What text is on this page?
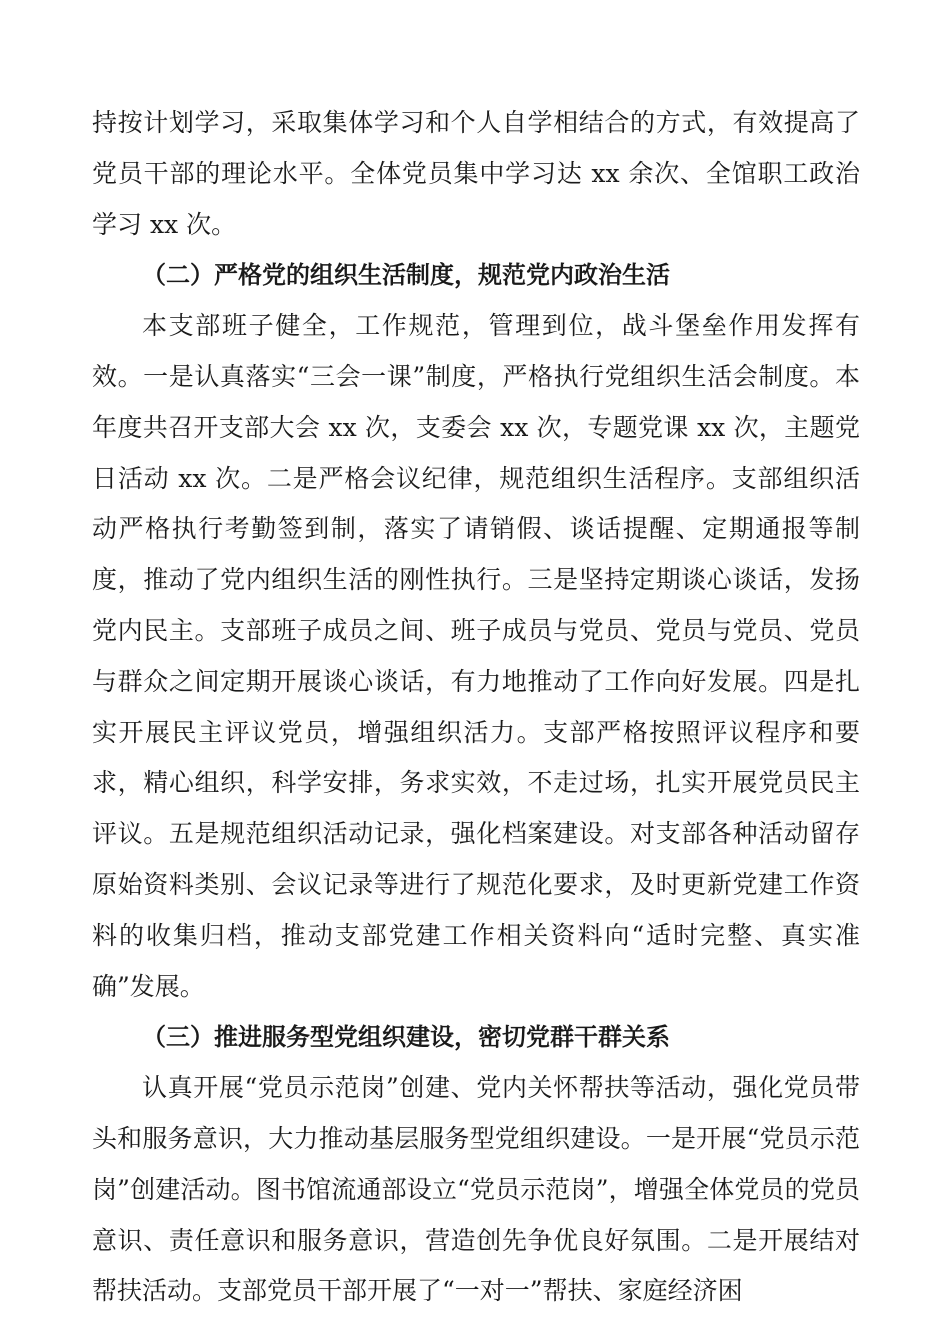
持按计划学习，采取集体学习和个人自学相结合的方式，有效提高了党员干部的理论水平。全体党员集中学习达 xx 余次、全馆职工政治学习 xx 次。

（二）严格党的组织生活制度，规范党内政治生活

本支部班子健全，工作规范，管理到位，战斗堡垒作用发挥有效。一是认真落实“三会一课”制度，严格执行党组织生活会制度。本年度共召开支部大会 xx 次，支委会 xx 次，专题党课 xx 次，主题党日活动 xx 次。二是严格会议纪律，规范组织生活程序。支部组织活动严格执行考勤签到制，落实了请销假、谈话提醒、定期通报等制度，推动了党内组织生活的刚性执行。三是坚持定期谈心谈话，发扬党内民主。支部班子成员之间、班子成员与党员、党员与党员、党员与群众之间定期开展谈心谈话，有力地推动了工作向好发展。四是扎实开展民主评议党员，增强组织活力。支部严格按照评议程序和要求，精心组织，科学安排，务求实效，不走过场，扎实开展党员民主评议。五是规范组织活动记录，强化档案建设。对支部各种活动留存原始资料类别、会议记录等进行了规范化要求，及时更新党建工作资料的收集归档，推动支部党建工作相关资料向“适时完整、真实准确”发展。

（三）推进服务型党组织建设，密切党群干群关系

认真开展“党员示范岗”创建、党内关怀帮扶等活动，强化党员带头和服务意识，大力推动基层服务型党组织建设。一是开展“党员示范岗”创建活动。图书馆流通部设立“党员示范岗”，增强全体党员的党员意识、责任意识和服务意识，营造创先争优良好氛围。二是开展结对帮扶活动。支部党员干部开展了“一对一”帮扶、家庭经济困
